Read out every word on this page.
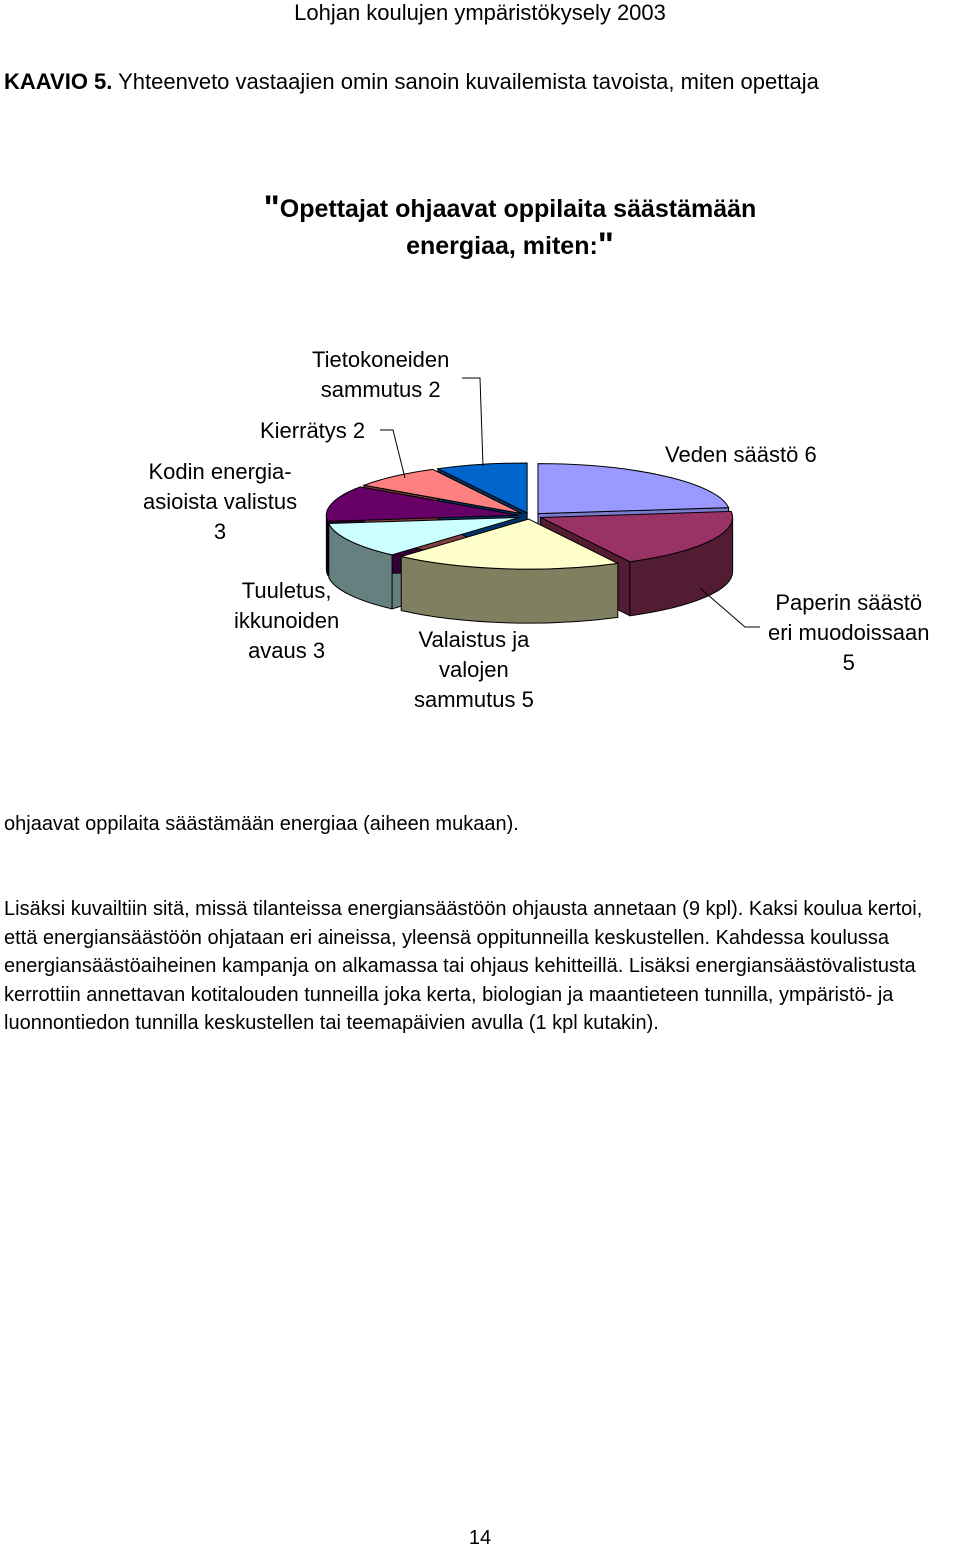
Lohjan koulujen ympäristökysely 2003
KAAVIO 5. Yhteenveto vastaajien omin sanoin kuvailemista tavoista, miten opettaja
"Opettajat ohjaavat oppilaita säästämään
energiaa, miten:"
Veden säästö 6
Paperin säästö
eri muodoissaan
5
Valaistus ja
valojen
sammutus 5
Tuuletus,
ikkunoiden
avaus 3
Kodin energia-
asioista valistus
3
Kierrätys 2
Tietokoneiden
sammutus 2
ohjaavat oppilaita säästämään energiaa (aiheen mukaan).

Lisäksi kuvailtiin sitä, missä tilanteissa energiansäästöön ohjausta annetaan (9 kpl). Kaksi koulua kertoi, että energiansäästöön ohjataan eri aineissa, yleensä oppitunneilla keskustellen. Kahdessa koulussa energiansäästöaiheinen kampanja on alkamassa tai ohjaus kehitteillä. Lisäksi energiansäästövalistusta kerrottiin annettavan kotitalouden tunneilla joka kerta, biologian ja maantieteen tunnilla, ympäristö- ja luonnontiedon tunnilla keskustellen tai teemapäivien avulla (1 kpl kutakin).

14
